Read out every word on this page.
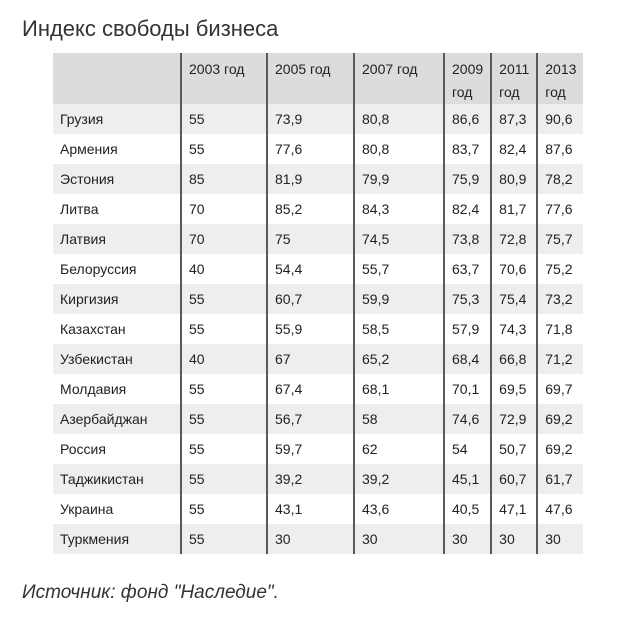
Индекс свободы бизнеса
	2003 год	2005 год	2007 год	2009 год	2011 год	2013 год
Грузия	55	73,9	80,8	86,6	87,3	90,6
Армения	55	77,6	80,8	83,7	82,4	87,6
Эстония	85	81,9	79,9	75,9	80,9	78,2
Литва	70	85,2	84,3	82,4	81,7	77,6
Латвия	70	75	74,5	73,8	72,8	75,7
Белоруссия	40	54,4	55,7	63,7	70,6	75,2
Киргизия	55	60,7	59,9	75,3	75,4	73,2
Казахстан	55	55,9	58,5	57,9	74,3	71,8
Узбекистан	40	67	65,2	68,4	66,8	71,2
Молдавия	55	67,4	68,1	70,1	69,5	69,7
Азербайджан	55	56,7	58	74,6	72,9	69,2
Россия	55	59,7	62	54	50,7	69,2
Таджикистан	55	39,2	39,2	45,1	60,7	61,7
Украина	55	43,1	43,6	40,5	47,1	47,6
Туркмения	55	30	30	30	30	30

Источник: фонд "Наследие".
